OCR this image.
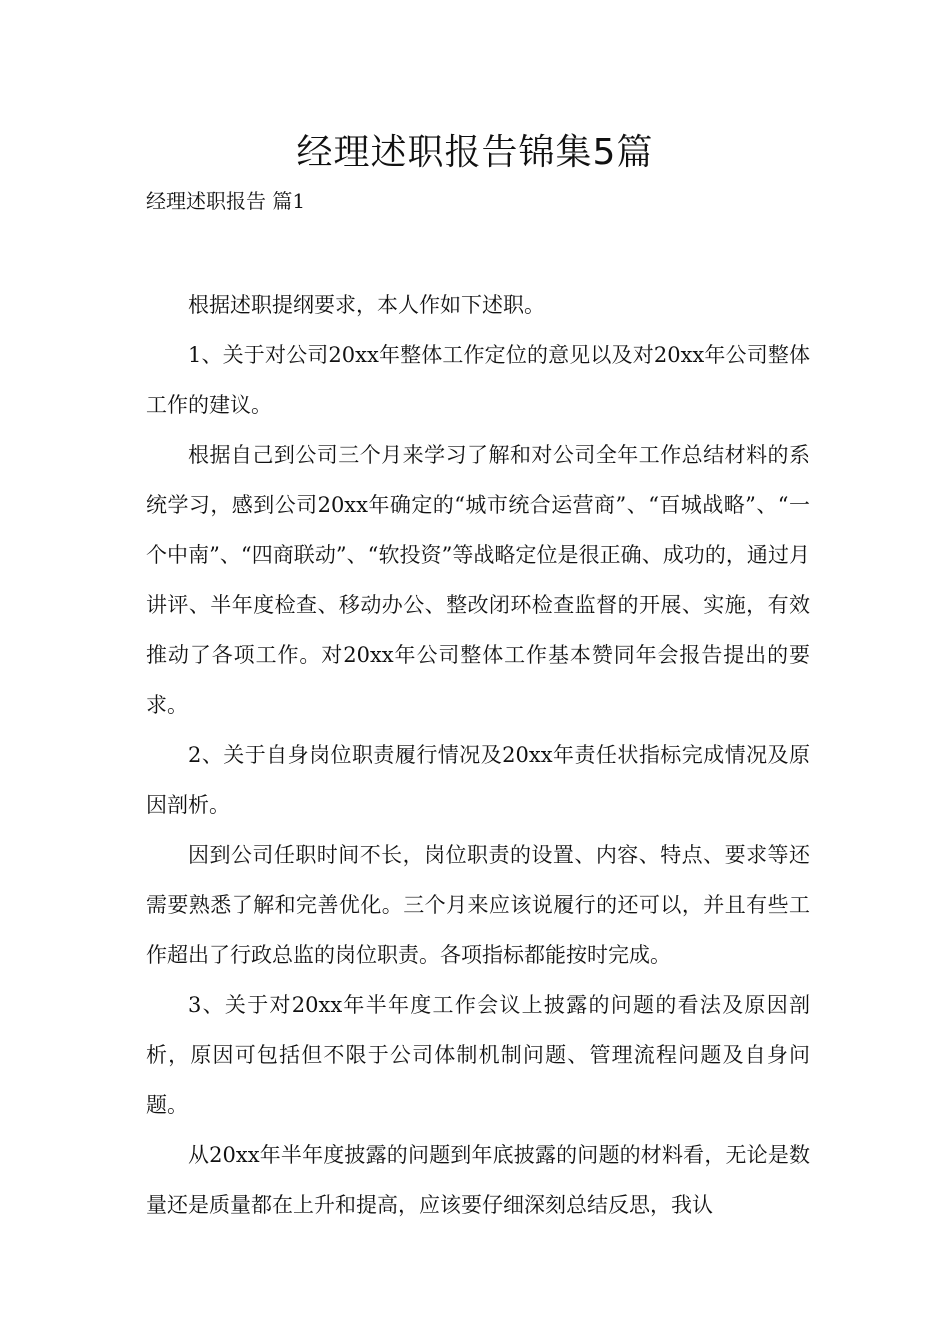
经理述职报告锦集5篇
经理述职报告 篇1

根据述职提纲要求，本人作如下述职。

1、关于对公司20xx年整体工作定位的意见以及对20xx年公司整体工作的建议。

根据自己到公司三个月来学习了解和对公司全年工作总结材料的系统学习，感到公司20xx年确定的“城市统合运营商”、“百城战略”、“一个中南”、“四商联动”、“软投资”等战略定位是很正确、成功的，通过月讲评、半年度检查、移动办公、整改闭环检查监督的开展、实施，有效推动了各项工作。对20xx年公司整体工作基本赞同年会报告提出的要求。

2、关于自身岗位职责履行情况及20xx年责任状指标完成情况及原因剖析。

因到公司任职时间不长，岗位职责的设置、内容、特点、要求等还需要熟悉了解和完善优化。三个月来应该说履行的还可以，并且有些工作超出了行政总监的岗位职责。各项指标都能按时完成。

3、关于对20xx年半年度工作会议上披露的问题的看法及原因剖析，原因可包括但不限于公司体制机制问题、管理流程问题及自身问题。

从20xx年半年度披露的问题到年底披露的问题的材料看，无论是数量还是质量都在上升和提高，应该要仔细深刻总结反思，我认
